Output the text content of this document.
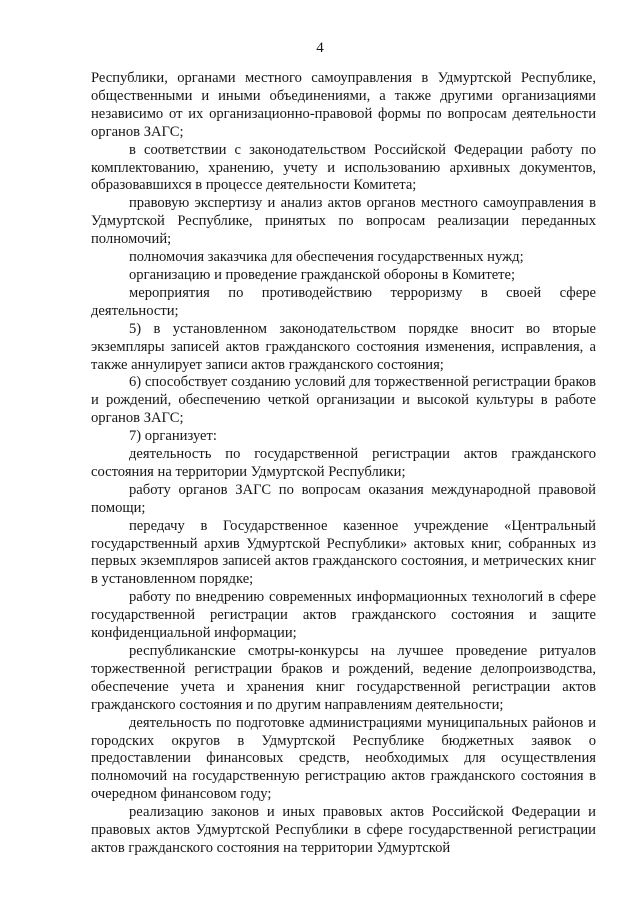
4

Республики, органами местного самоуправления в Удмуртской Республике, общественными и иными объединениями, а также другими организациями независимо от их организационно-правовой формы по вопросам деятельности органов ЗАГС;

в соответствии с законодательством Российской Федерации работу по комплектованию, хранению, учету и использованию архивных документов, образовавшихся в процессе деятельности Комитета;

правовую экспертизу и анализ актов органов местного самоуправления в Удмуртской Республике, принятых по вопросам реализации переданных полномочий;

полномочия заказчика для обеспечения государственных нужд;

организацию и проведение гражданской обороны в Комитете;

мероприятия по противодействию терроризму в своей сфере деятельности;

5) в установленном законодательством порядке вносит во вторые экземпляры записей актов гражданского состояния изменения, исправления, а также аннулирует записи актов гражданского состояния;

6) способствует созданию условий для торжественной регистрации браков и рождений, обеспечению четкой организации и высокой культуры в работе органов ЗАГС;

7) организует:

деятельность по государственной регистрации актов гражданского состояния на территории Удмуртской Республики;

работу органов ЗАГС по вопросам оказания международной правовой помощи;

передачу в Государственное казенное учреждение «Центральный государственный архив Удмуртской Республики» актовых книг, собранных из первых экземпляров записей актов гражданского состояния, и метрических книг в установленном порядке;

работу по внедрению современных информационных технологий в сфере государственной регистрации актов гражданского состояния и защите конфиденциальной информации;

республиканские смотры-конкурсы на лучшее проведение ритуалов торжественной регистрации браков и рождений, ведение делопроизводства, обеспечение учета и хранения книг государственной регистрации актов гражданского состояния и по другим направлениям деятельности;

деятельность по подготовке администрациями муниципальных районов и городских округов в Удмуртской Республике бюджетных заявок о предоставлении финансовых средств, необходимых для осуществления полномочий на государственную регистрацию актов гражданского состояния в очередном финансовом году;

реализацию законов и иных правовых актов Российской Федерации и правовых актов Удмуртской Республики в сфере государственной регистрации актов гражданского состояния на территории Удмуртской
